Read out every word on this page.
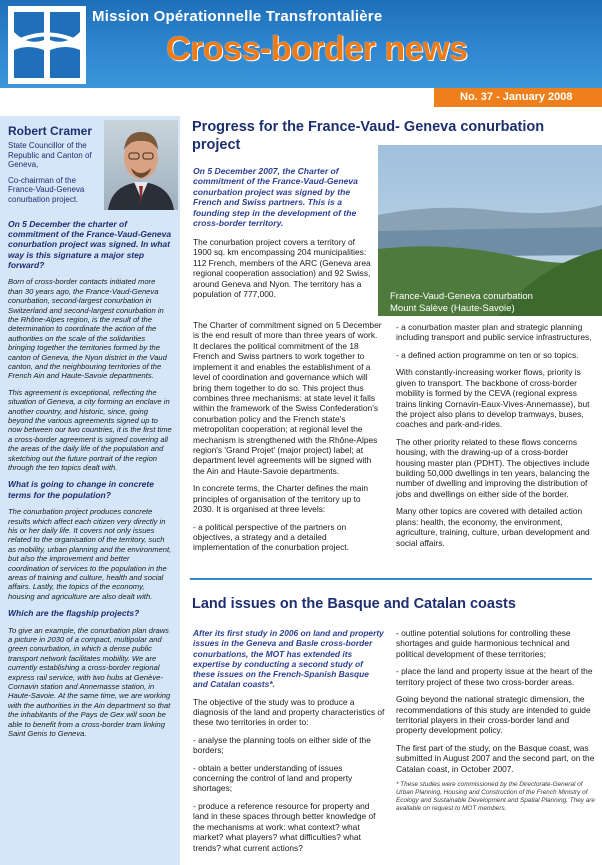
Mission Opérationnelle Transfrontalière
Cross-border news
No. 37 - January 2008
Robert Cramer
State Councillor of the Republic and Canton of Geneva,
Co-chairman of the France-Vaud-Geneva conurbation project.
On 5 December the charter of commitment of the France-Vaud-Geneva conurbation project was signed. In what way is this signature a major step forward?
Born of cross-border contacts initiated more than 30 years ago, the France-Vaud-Geneva conurbation, second-largest conurbation in Switzerland and second-largest conurbation in the Rhône-Alpes region, is the result of the determination to coordinate the action of the authorities on the scale of the solidarities bringing together the territories formed by the canton of Geneva, the Nyon district in the Vaud canton, and the neighbouring territories of the French Ain and Haute-Savoie departments.
This agreement is exceptional, reflecting the situation of Geneva, a city forming an enclave in another country, and historic, since, going beyond the various agreements signed up to now between our two countries, it is the first time a cross-border agreement is signed covering all the areas of the daily life of the population and sketching out the future portrait of the region through the ten topics dealt with.
What is going to change in concrete terms for the population?
The conurbation project produces concrete results which affect each citizen very directly in his or her daily life. It covers not only issues related to the organisation of the territory, such as mobility, urban planning and the environment, but also the improvement and better coordination of services to the population in the areas of training and culture, health and social affairs. Lastly, the topics of the economy, housing and agriculture are also dealt with.
Which are the flagship projects?
To give an example, the conurbation plan draws a picture in 2030 of a compact, multipolar and green conurbation, in which a dense public transport network facilitates mobility. We are currently establishing a cross-border regional express rail service, with two hubs at Genève-Cornavin station and Annemasse station, in Haute-Savoie. At the same time, we are working with the authorities in the Ain department so that the inhabitants of the Pays de Gex will soon be able to benefit from a cross-border tram linking Saint Genis to Geneva.
Progress for the France-Vaud- Geneva conurbation project
France-Vaud-Geneva conurbation
Mount Salève (Haute-Savoie)
On 5 December 2007, the Charter of commitment of the France-Vaud-Geneva conurbation project was signed by the French and Swiss partners. This is a founding step in the development of the cross-border territory.
The conurbation project covers a territory of 1900 sq. km encompassing 204 municipalities: 112 French, members of the ARC (Geneva area regional cooperation association) and 92 Swiss, around Geneva and Nyon. The territory has a population of 777,000.

The Charter of commitment signed on 5 December is the end result of more than three years of work. It declares the political commitment of the 18 French and Swiss partners to work together to implement it and enables the establishment of a level of coordination and governance which will bring them together to do so. This project thus combines three mechanisms: at state level it falls within the framework of the Swiss Confederation's conurbation policy and the French state's metropolitan cooperation; at regional level the mechanism is strengthened with the Rhône-Alpes region's 'Grand Projet' (major project) label; at department level agreements will be signed with the Ain and Haute-Savoie departments.

In concrete terms, the Charter defines the main principles of organisation of the territory up to 2030. It is organised at three levels:

- a political perspective of the partners on objectives, a strategy and a detailed implementation of the conurbation project.

- a conurbation master plan and strategic planning including transport and public service infrastructures,

- a defined action programme on ten or so topics.

With constantly-increasing worker flows, priority is given to transport. The backbone of cross-border mobility is formed by the CEVA (regional express trains linking Cornavin-Eaux-Vives-Annemasse), but the project also plans to develop tramways, buses, coaches and park-and-rides.

The other priority related to these flows concerns housing, with the drawing-up of a cross-border housing master plan (PDHT). The objectives include building 50,000 dwellings in ten years, balancing the number of dwelling and improving the distribution of jobs and dwellings on either side of the border.

Many other topics are covered with detailed action plans: health, the economy, the environment, agriculture, training, culture, urban development and social affairs.

Land issues on the Basque and Catalan coasts
After its first study in 2006 on land and property issues in the Geneva and Basle cross-border conurbations, the MOT has extended its expertise by conducting a second study of these issues on the French-Spanish Basque and Catalan coasts*.

The objective of the study was to produce a diagnosis of the land and property characteristics of these two territories in order to:

- analyse the planning tools on either side of the borders;

- obtain a better understanding of issues concerning the control of land and property shortages;

- produce a reference resource for property and land in these spaces through better knowledge of the mechanisms at work: what context? what market? what players? what difficulties? what trends? what current actions?

- outline potential solutions for controlling these shortages and guide harmonious technical and political development of these territories;

- place the land and property issue at the heart of the territory project of these two cross-border areas.

Going beyond the national strategic dimension, the recommendations of this study are intended to guide territorial players in their cross-border land and property development policy.

The first part of the study, on the Basque coast, was submitted in August 2007 and the second part, on the Catalan coast, in October 2007.

* These studies were commissioned by the Directorate-General of Urban Planning, Housing and Construction of the French Ministry of Ecology and Sustainable Development and Spatial Planning. They are available on request to MOT members.
